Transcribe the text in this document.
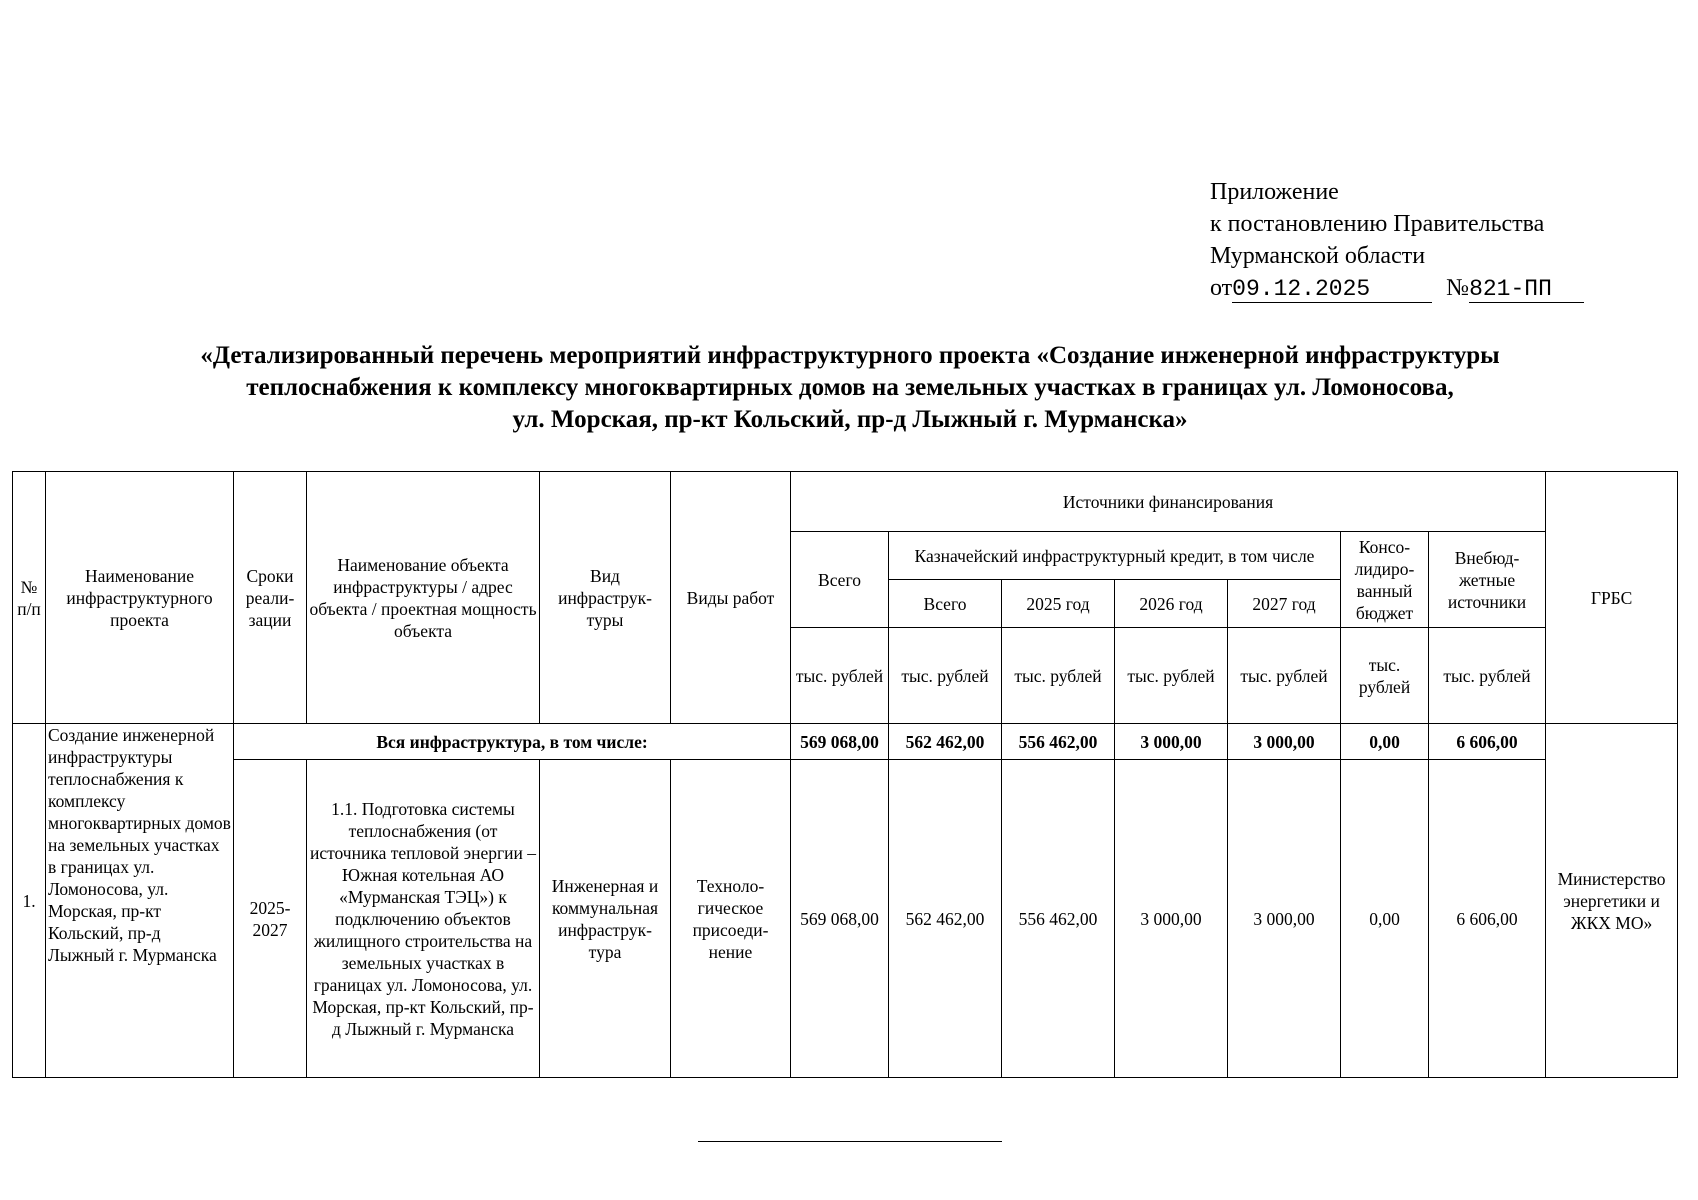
Приложение
к постановлению Правительства
Мурманской области
от09.12.2025	№821-ПП
«Детализированный перечень мероприятий инфраструктурного проекта «Создание инженерной инфраструктуры
теплоснабжения к комплексу многоквартирных домов на земельных участках в границах ул. Ломоносова,
ул. Морская, пр-кт Кольский, пр-д Лыжный г. Мурманска»
№ п/п	Наименование инфраструктурного проекта	Сроки реали-зации	Наименование объекта инфраструктуры / адрес объекта / проектная мощность объекта	Вид инфраструк-туры	Виды работ	Источники финансирования							ГРБС
						Всего	Казначейский инфраструктурный кредит, в том числе				Консо-лидиро-ванный бюджет	Внебюд-жетные источники	
							Всего	2025 год	2026 год	2027 год			
						тыс. рублей	тыс. рублей	тыс. рублей	тыс. рублей	тыс. рублей	тыс. рублей	тыс. рублей	
1.	Создание инженерной инфраструктуры теплоснабжения к комплексу многоквартирных домов на земельных участках в границах ул. Ломоносова, ул. Морская, пр-кт Кольский, пр-д Лыжный г. Мурманска	Вся инфраструктура, в том числе:				569 068,00	562 462,00	556 462,00	3 000,00	3 000,00	0,00	6 606,00	Министерство энергетики и ЖКХ МО»
		2025-2027	1.1. Подготовка системы теплоснабжения (от источника тепловой энергии – Южная котельная АО «Мурманская ТЭЦ») к подключению объектов жилищного строительства на земельных участках в границах ул. Ломоносова, ул. Морская, пр-кт Кольский, пр-д Лыжный г. Мурманска	Инженерная и коммунальная инфраструк-тура	Техноло-гическое присоеди-нение	569 068,00	562 462,00	556 462,00	3 000,00	3 000,00	0,00	6 606,00	
